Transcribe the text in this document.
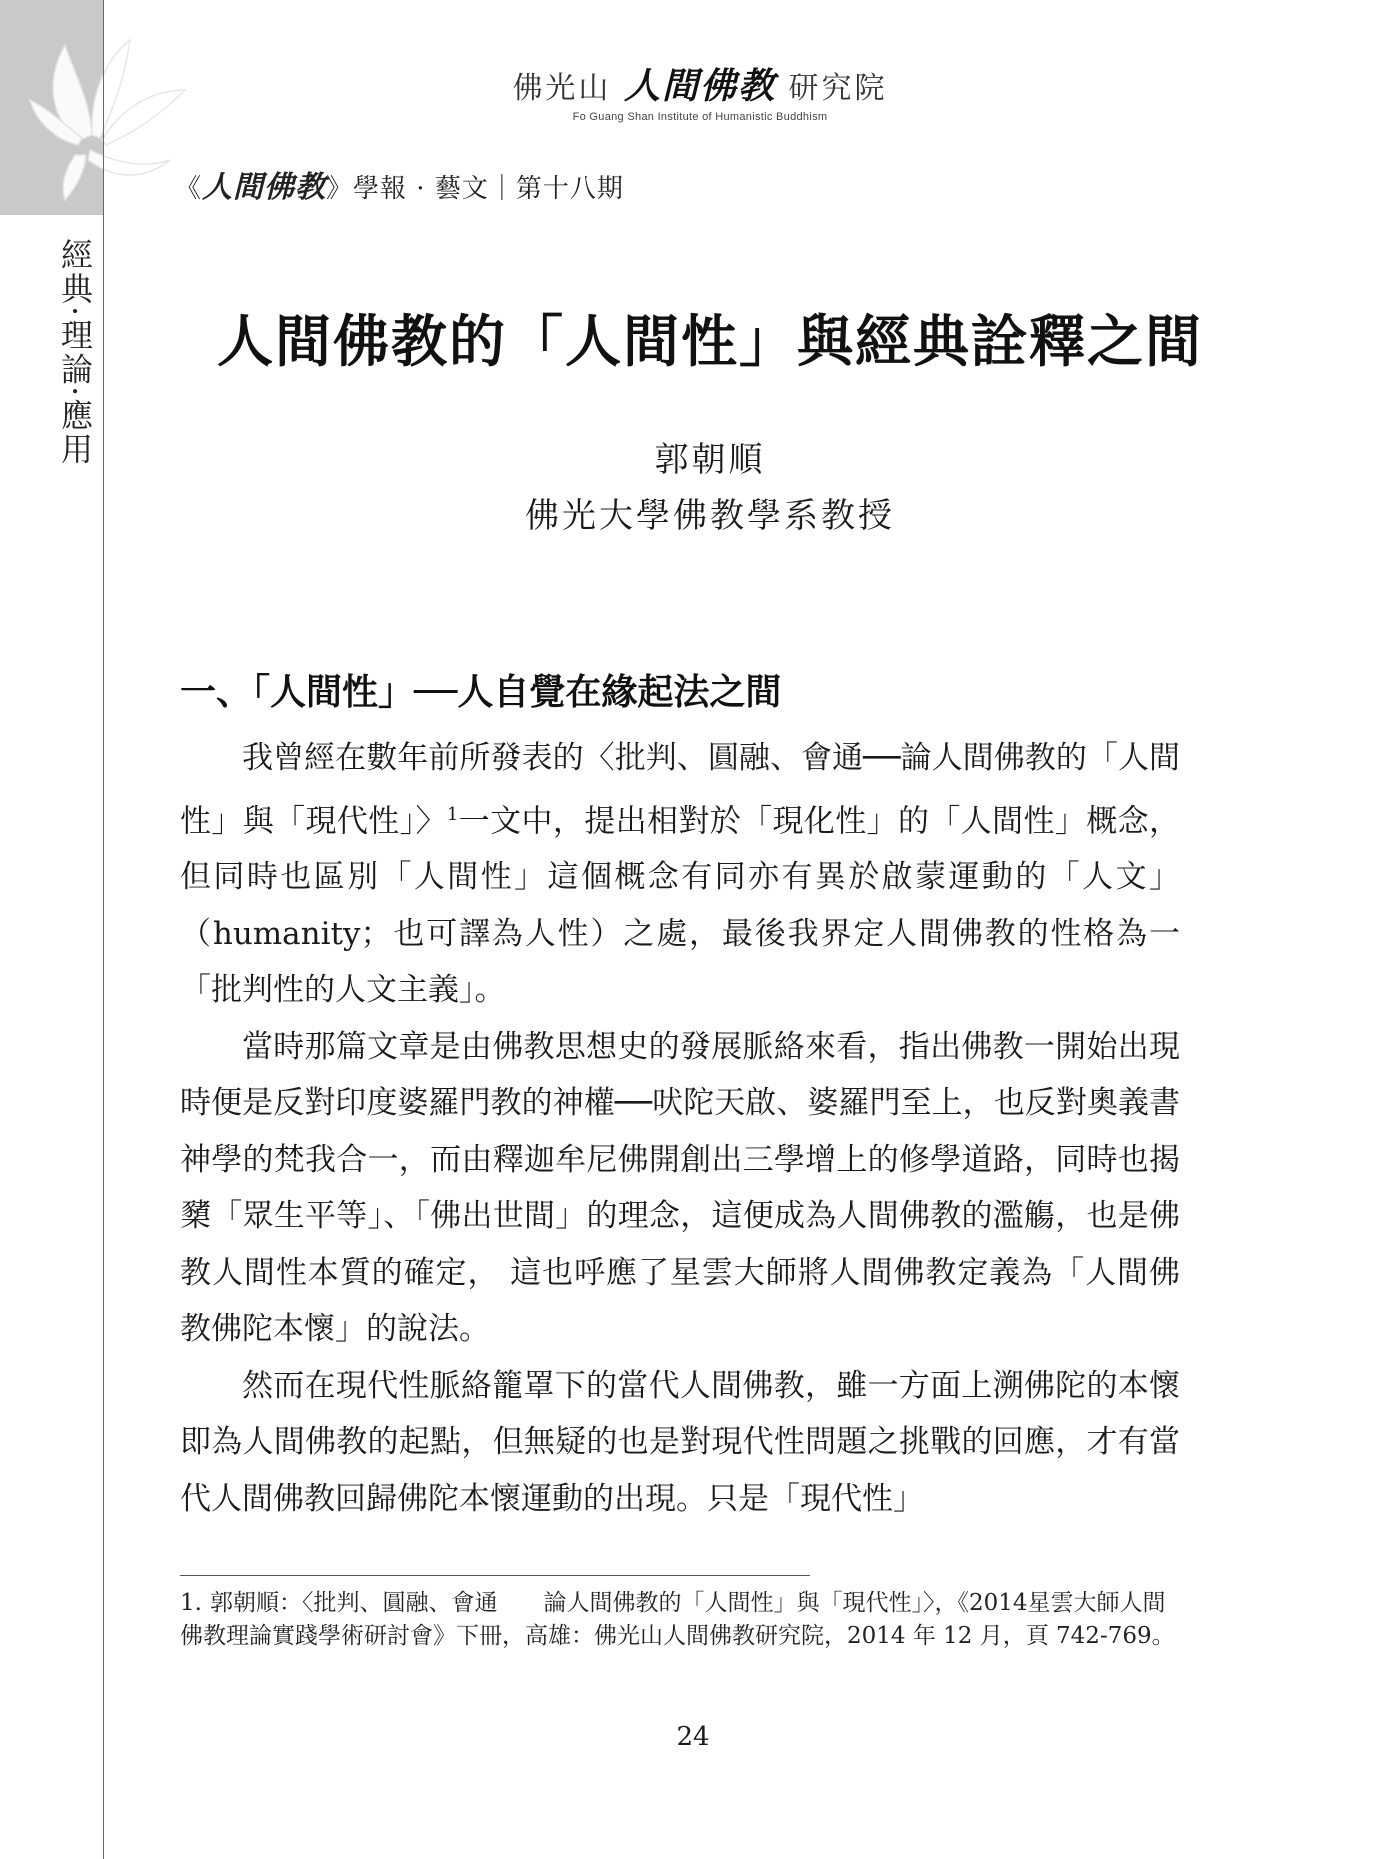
經典·理論·應用
佛光山 人間佛教 研究院
Fo Guang Shan Institute of Humanistic Buddhism
《人間佛教》學報 · 藝文｜第十八期
人間佛教的「人間性」與經典詮釋之間
郭朝順
佛光大學佛教學系教授
一、「人間性」──人自覺在緣起法之間

我曾經在數年前所發表的〈批判、圓融、會通──論人間佛教的「人間性」與「現代性」〉$^1$一文中，提出相對於「現化性」的「人間性」概念，但同時也區別「人間性」這個概念有同亦有異於啟蒙運動的「人文」（humanity；也可譯為人性）之處，最後我界定人間佛教的性格為一「批判性的人文主義」。

當時那篇文章是由佛教思想史的發展脈絡來看，指出佛教一開始出現時便是反對印度婆羅門教的神權──吠陀天啟、婆羅門至上，也反對奧義書神學的梵我合一，而由釋迦牟尼佛開創出三學增上的修學道路，同時也揭櫫「眾生平等」、「佛出世間」的理念，這便成為人間佛教的濫觴，也是佛教人間性本質的確定， 這也呼應了星雲大師將人間佛教定義為「人間佛教佛陀本懷」的說法。

然而在現代性脈絡籠罩下的當代人間佛教，雖一方面上溯佛陀的本懷即為人間佛教的起點，但無疑的也是對現代性問題之挑戰的回應，才有當代人間佛教回歸佛陀本懷運動的出現。只是「現代性」

1. 郭朝順：〈批判、圓融、會通　　論人間佛教的「人間性」與「現代性」〉，《2014星雲大師人間佛教理論實踐學術研討會》下冊，高雄：佛光山人間佛教研究院，2014 年 12 月，頁 742-769。
24
